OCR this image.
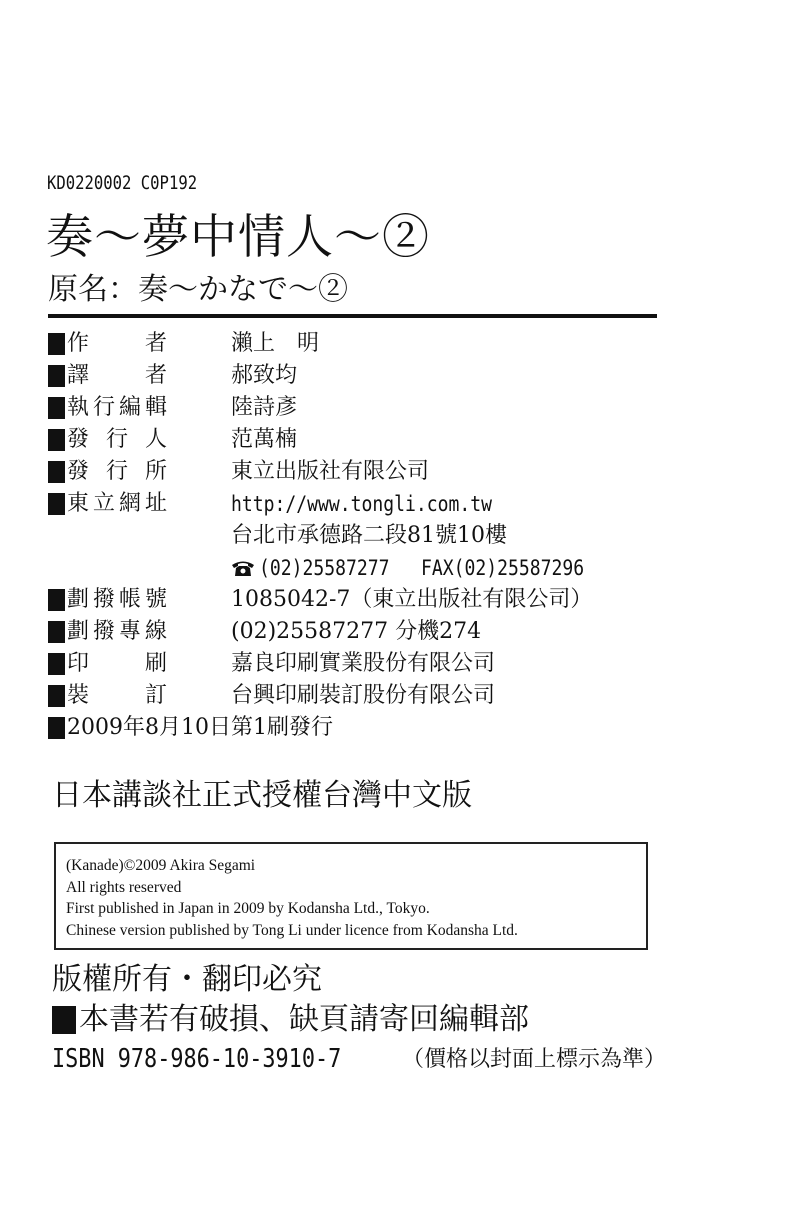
KD0220002 C0P192
奏～夢中情人～②
原名：奏～かなで～②
作　者	瀨上　明
譯　者	郝致均
執行編輯	陸詩彥
發行人	范萬楠
發行所	東立出版社有限公司
東立網址	http://www.tongli.com.tw
台北市承德路二段81號10樓
(02)25587277 FAX(02)25587296
劃撥帳號	1085042-7（東立出版社有限公司）
劃撥專線	(02)25587277 分機274
印　刷	嘉良印刷實業股份有限公司
裝　訂	台興印刷裝訂股份有限公司
2009年8月10日第1刷發行
日本講談社正式授權台灣中文版
(Kanade)©2009 Akira Segami
All rights reserved
First published in Japan in 2009 by Kodansha Ltd., Tokyo.
Chinese version published by Tong Li under licence from Kodansha Ltd.
版權所有・翻印必究
本書若有破損、缺頁請寄回編輯部
ISBN 978-986-10-3910-7	（價格以封面上標示為準）
